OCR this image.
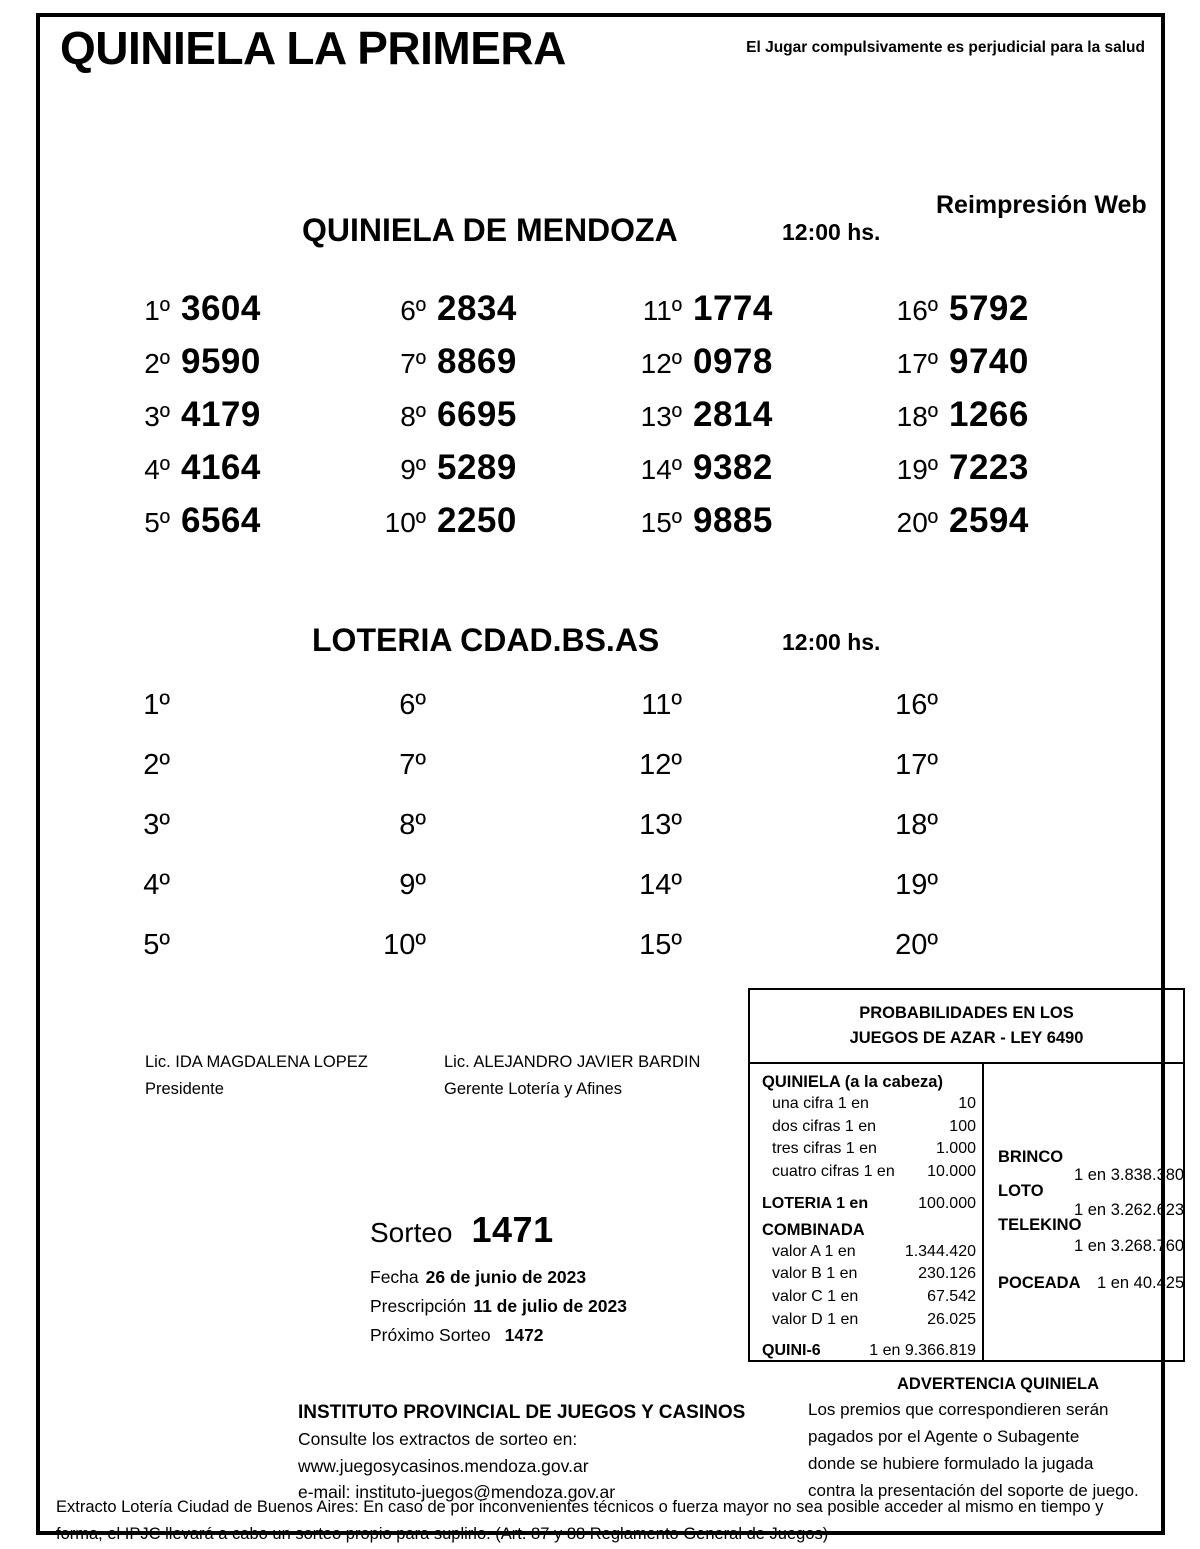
QUINIELA LA PRIMERA	El Jugar compulsivamente es perjudicial para la salud
QUINIELA DE MENDOZA	12:00 hs.
Reimpresión Web
1º 3604	6º 2834	11º 1774	16º 5792
2º 9590	7º 8869	12º 0978	17º 9740
3º 4179	8º 6695	13º 2814	18º 1266
4º 4164	9º 5289	14º 9382	19º 7223
5º 6564	10º 2250	15º 9885	20º 2594
LOTERIA CDAD.BS.AS	12:00 hs.
1º	6º	11º	16º
2º	7º	12º	17º
3º	8º	13º	18º
4º	9º	14º	19º
5º	10º	15º	20º
Lic. IDA MAGDALENA LOPEZ
Presidente
Lic. ALEJANDRO JAVIER BARDIN
Gerente Lotería y Afines
Sorteo 1471
Fecha 26 de junio de 2023
Prescripción 11 de julio de 2023
Próximo Sorteo 1472
PROBABILIDADES EN LOS
JUEGOS DE AZAR - LEY 6490
QUINIELA (a la cabeza)
una cifra 1 en	10
dos cifras 1 en	100
tres cifras 1 en	1.000
cuatro cifras 1 en 10.000
LOTERIA 1 en	100.000
COMBINADA
valor A 1 en	1.344.420
valor B 1 en	230.126
valor C 1 en	67.542
valor D 1 en	26.025
QUINI-6	1 en 9.366.819
BRINCO
1 en 3.838.380
LOTO
1 en 3.262.623
TELEKINO
1 en 3.268.760
POCEADA 1 en 40.425
ADVERTENCIA QUINIELA
Los premios que correspondieren serán
pagados por el Agente o Subagente
donde se hubiere formulado la jugada
contra la presentación del soporte de juego.
INSTITUTO PROVINCIAL DE JUEGOS Y CASINOS
Consulte los extractos de sorteo en:
www.juegosycasinos.mendoza.gov.ar
e-mail: instituto-juegos@mendoza.gov.ar
Extracto Lotería Ciudad de Buenos Aires: En caso de por inconvenientes técnicos o fuerza mayor no sea posible acceder al mismo en tiempo y forma, el IPJC llevará a cabo un sorteo propio para suplirlo. (Art. 87 y 88 Reglamento General de Juegos)
